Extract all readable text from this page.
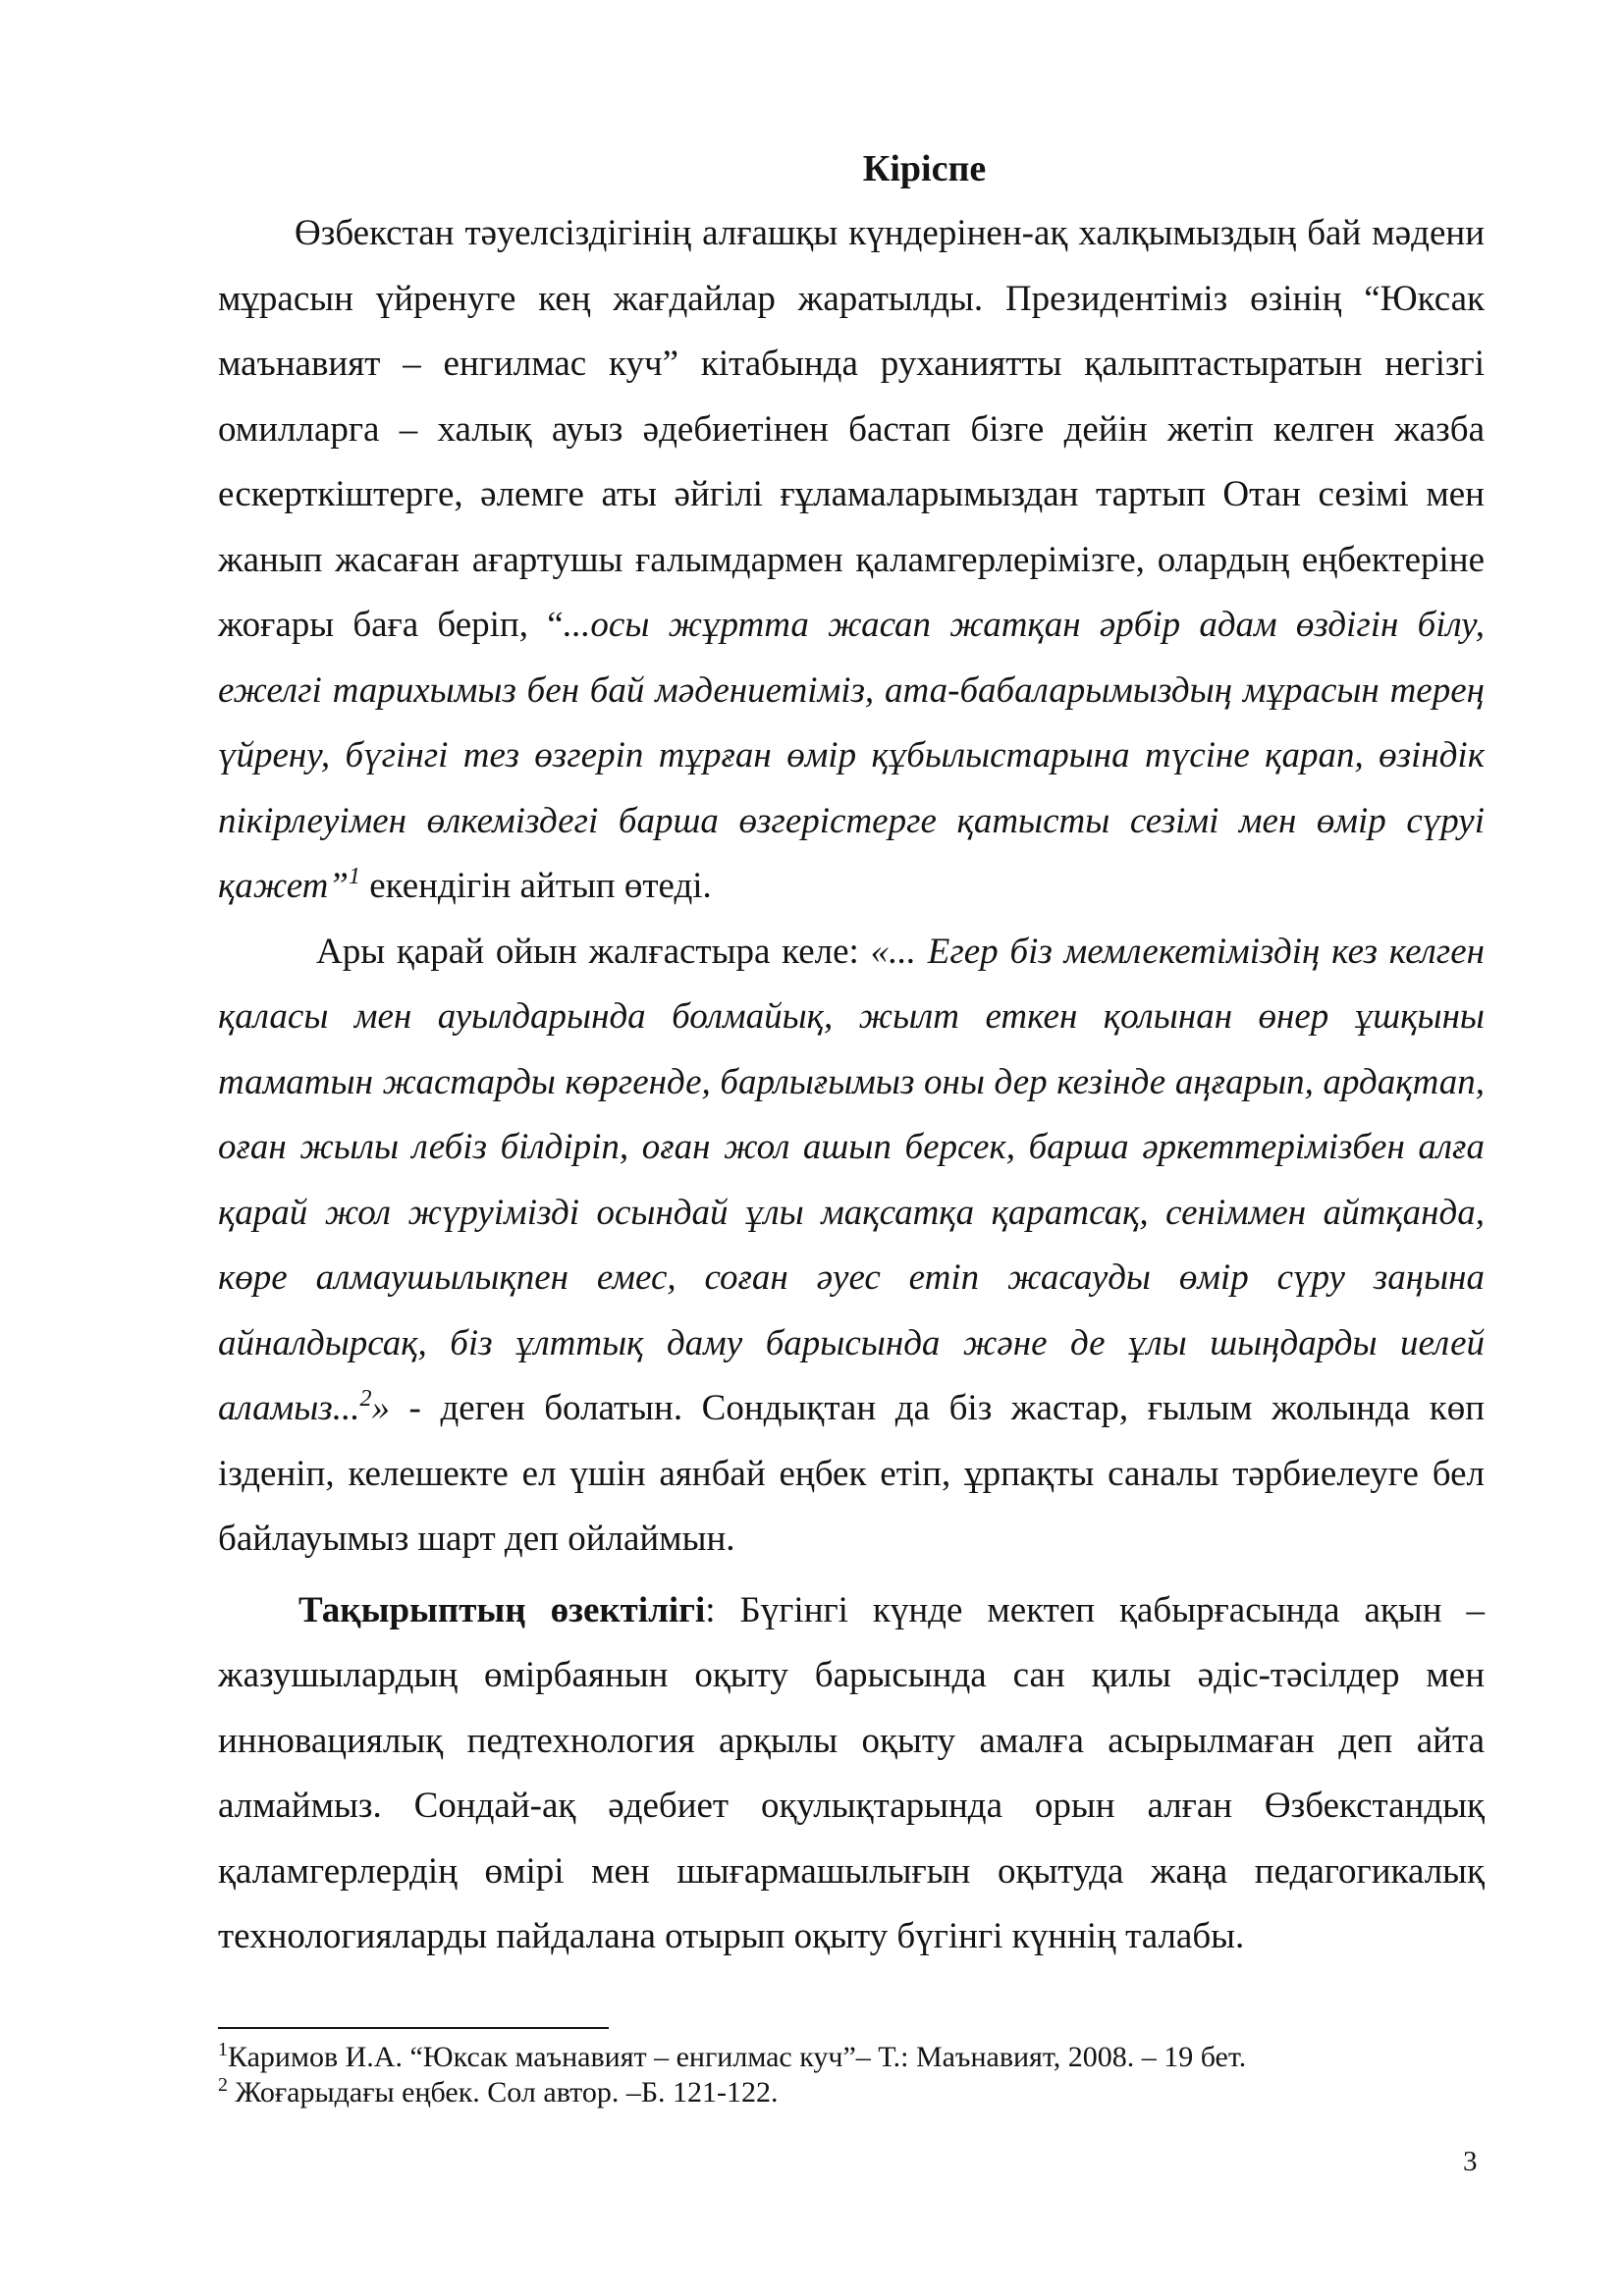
Кіріспе

Өзбекстан тәуелсіздігінің алғашқы күндерінен-ақ халқымыздың бай мәдени мұрасын үйренуге кең жағдайлар жаратылды. Президентіміз өзінің “Юксак маънавият – енгилмас куч” кітабында руханиятты қалыптастыратын негізгі омилларга – халық ауыз әдебиетінен бастап бізге дейін жетіп келген жазба ескерткіштерге, әлемге аты әйгілі ғұламаларымыздан тартып Отан сезімі мен жанып жасаған ағартушы ғалымдармен қаламгерлерімізге, олардың еңбектеріне жоғары баға беріп, “...осы жұртта жасап жатқан әрбір адам өздігін білу, ежелгі тарихымыз бен бай мәдениетіміз, ата-бабаларымыздың мұрасын терең үйрену, бүгінгі тез өзгеріп тұрған өмір құбылыстарына түсіне қарап, өзіндік пікірлеуімен өлкеміздегі барша өзгерістерге қатысты сезімі мен өмір сүруі қажет”$^1$ екендігін айтып өтеді.

Ары қарай ойын жалғастыра келе: «... Егер біз мемлекетіміздің кез келген қаласы мен ауылдарында болмайық, жылт еткен қолынан өнер ұшқыны таматын жастарды көргенде, барлығымыз оны дер кезінде аңғарып, ардақтап, оған жылы лебіз білдіріп, оған жол ашып берсек, барша әркеттерімізбен алға қарай жол жүруімізді осындай ұлы мақсатқа қаратсақ, сеніммен айтқанда, көре алмаушылықпен емес, соған әуес етіп жасауды өмір сүру заңына айналдырсақ, біз ұлттық даму барысында және де ұлы шыңдарды иелей аламыз...$^2$» - деген болатын. Сондықтан да біз жастар, ғылым жолында көп ізденіп, келешекте ел үшін аянбай еңбек етіп, ұрпақты саналы тәрбиелеуге бел байлауымыз шарт деп ойлаймын.

Тақырыптың өзектілігі: Бүгінгі күнде мектеп қабырғасында ақын – жазушылардың өмірбаянын оқыту барысында сан қилы әдіс-тәсілдер мен инновациялық педтехнология арқылы оқыту амалға асырылмаған деп айта алмаймыз. Сондай-ақ әдебиет оқулықтарында орын алған Өзбекстандық қаламгерлердің өмірі мен шығармашылығын оқытуда жаңа педагогикалық технологияларды пайдалана отырып оқыту бүгінгі күннің талабы.

$^1$Каримов И.А. “Юксак маънавият – енгилмас куч”– Т.: Маънавият, 2008. – 19 бет.
$^2$ Жоғарыдағы еңбек. Сол автор. –Б. 121-122.
3
